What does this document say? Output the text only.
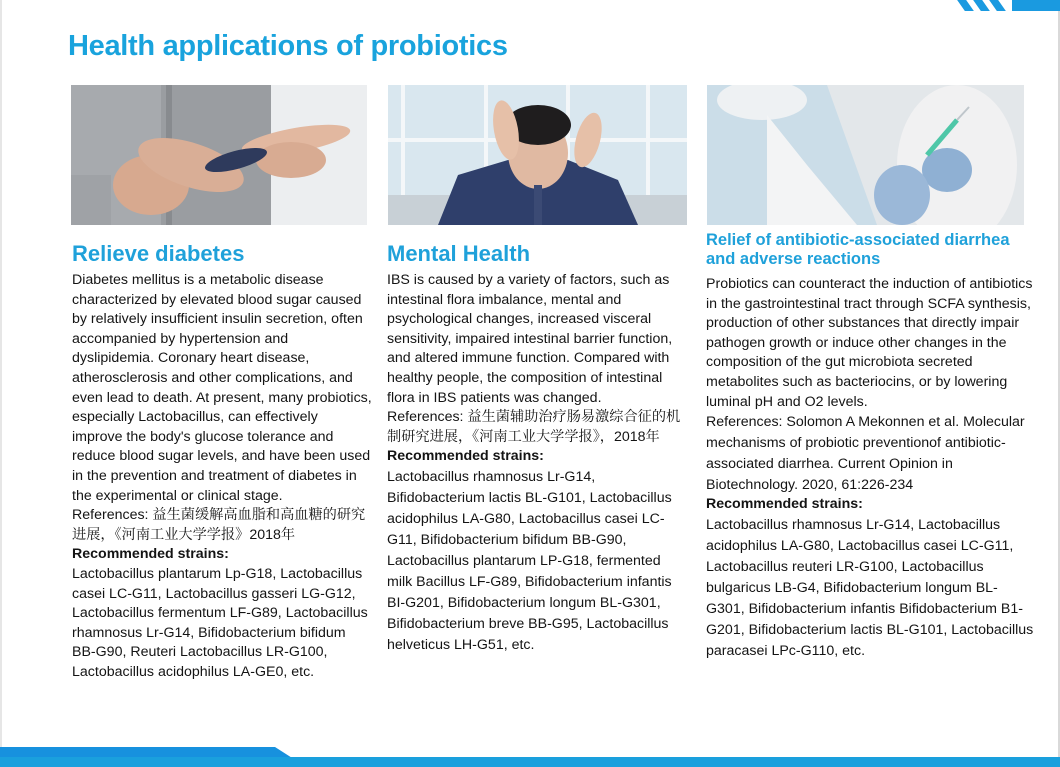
Health applications of probiotics
Relieve diabetes

Diabetes mellitus is a metabolic disease characterized by elevated blood sugar caused by relatively insufficient insulin secretion, often accompanied by hypertension and dyslipidemia. Coronary heart disease, atherosclerosis and other complications, and even lead to death. At present, many probiotics, especially Lactobacillus, can effectively improve the body's glucose tolerance and reduce blood sugar levels, and have been used in the prevention and treatment of diabetes in the experimental or clinical stage.

References: 益生菌缓解高血脂和高血糖的研究进展，《河南工业大学学报》2018年

Recommended strains:

Lactobacillus plantarum Lp-G18, Lactobacillus casei LC-G11, Lactobacillus gasseri LG-G12, Lactobacillus fermentum LF-G89, Lactobacillus rhamnosus Lr-G14, Bifidobacterium bifidum BB-G90, Reuteri Lactobacillus LR-G100, Lactobacillus acidophilus LA-GE0, etc.

Mental Health

IBS is caused by a variety of factors, such as intestinal flora imbalance, mental and psychological changes, increased visceral sensitivity, impaired intestinal barrier function, and altered immune function. Compared with healthy people, the composition of intestinal flora in IBS patients was changed.

References: 益生菌辅助治疗肠易激综合征的机制研究进展，《河南工业大学学报》，2018年

Recommended strains:

Lactobacillus rhamnosus Lr-G14, Bifidobacterium lactis BL-G101, Lactobacillus acidophilus LA-G80, Lactobacillus casei LC-G11, Bifidobacterium bifidum BB-G90, Lactobacillus plantarum LP-G18, fermented milk Bacillus LF-G89, Bifidobacterium infantis BI-G201, Bifidobacterium longum BL-G301, Bifidobacterium breve BB-G95, Lactobacillus helveticus LH-G51, etc.

Relief of antibiotic-associated diarrhea and adverse reactions

Probiotics can counteract the induction of antibiotics in the gastrointestinal tract through SCFA synthesis, production of other substances that directly impair pathogen growth or induce other changes in the composition of the gut microbiota secreted metabolites such as bacteriocins, or by lowering luminal pH and O2 levels.

References: Solomon A Mekonnen et al. Molecular mechanisms of probiotic preventionof antibiotic-associated diarrhea. Current Opinion in Biotechnology. 2020, 61:226-234

Recommended strains:

Lactobacillus rhamnosus Lr-G14, Lactobacillus acidophilus LA-G80, Lactobacillus casei LC-G11, Lactobacillus reuteri LR-G100, Lactobacillus bulgaricus LB-G4, Bifidobacterium longum BL-G301, Bifidobacterium infantis Bifidobacterium B1-G201, Bifidobacterium lactis BL-G101, Lactobacillus paracasei LPc-G110, etc.
